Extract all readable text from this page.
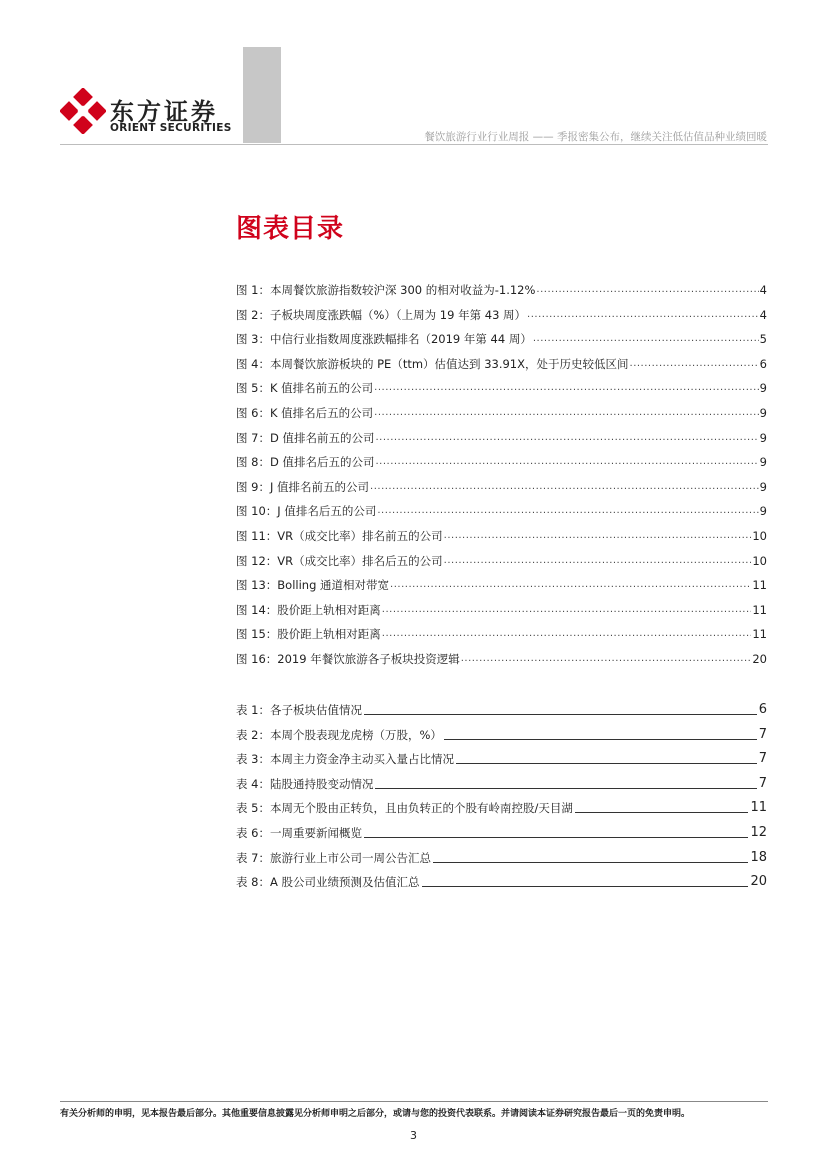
东方证券
ORIENT SECURITIES
餐饮旅游行业行业周报 —— 季报密集公布，继续关注低估值品种业绩回暖
图表目录
图 1：本周餐饮旅游指数较沪深 300 的相对收益为-1.12% .....	4
图 2：子板块周度涨跌幅（%）（上周为 19 年第 43 周） .....	4
图 3：中信行业指数周度涨跌幅排名（2019 年第 44 周） .....	5
图 4：本周餐饮旅游板块的 PE（ttm）估值达到 33.91X，处于历史较低区间 .....	6
图 5：K 值排名前五的公司 .....	9
图 6：K 值排名后五的公司 .....	9
图 7：D 值排名前五的公司 .....	9
图 8：D 值排名后五的公司 .....	9
图 9：J 值排名前五的公司 .....	9
图 10：J 值排名后五的公司 .....	9
图 11：VR（成交比率）排名前五的公司 .....	10
图 12：VR（成交比率）排名后五的公司 .....	10
图 13：Bolling 通道相对带宽 .....	11
图 14：股价距上轨相对距离 .....	11
图 15：股价距上轨相对距离 .....	11
图 16：2019 年餐饮旅游各子板块投资逻辑 .....	20
表 1：各子板块估值情况	6
表 2：本周个股表现龙虎榜（万股，%）	7
表 3：本周主力资金净主动买入量占比情况	7
表 4：陆股通持股变动情况	7
表 5：本周无个股由正转负，且由负转正的个股有岭南控股/天目湖	11
表 6：一周重要新闻概览	12
表 7：旅游行业上市公司一周公告汇总	18
表 8：A 股公司业绩预测及估值汇总	20
有关分析师的申明，见本报告最后部分。其他重要信息披露见分析师申明之后部分，或请与您的投资代表联系。并请阅读本证券研究报告最后一页的免责申明。
3
